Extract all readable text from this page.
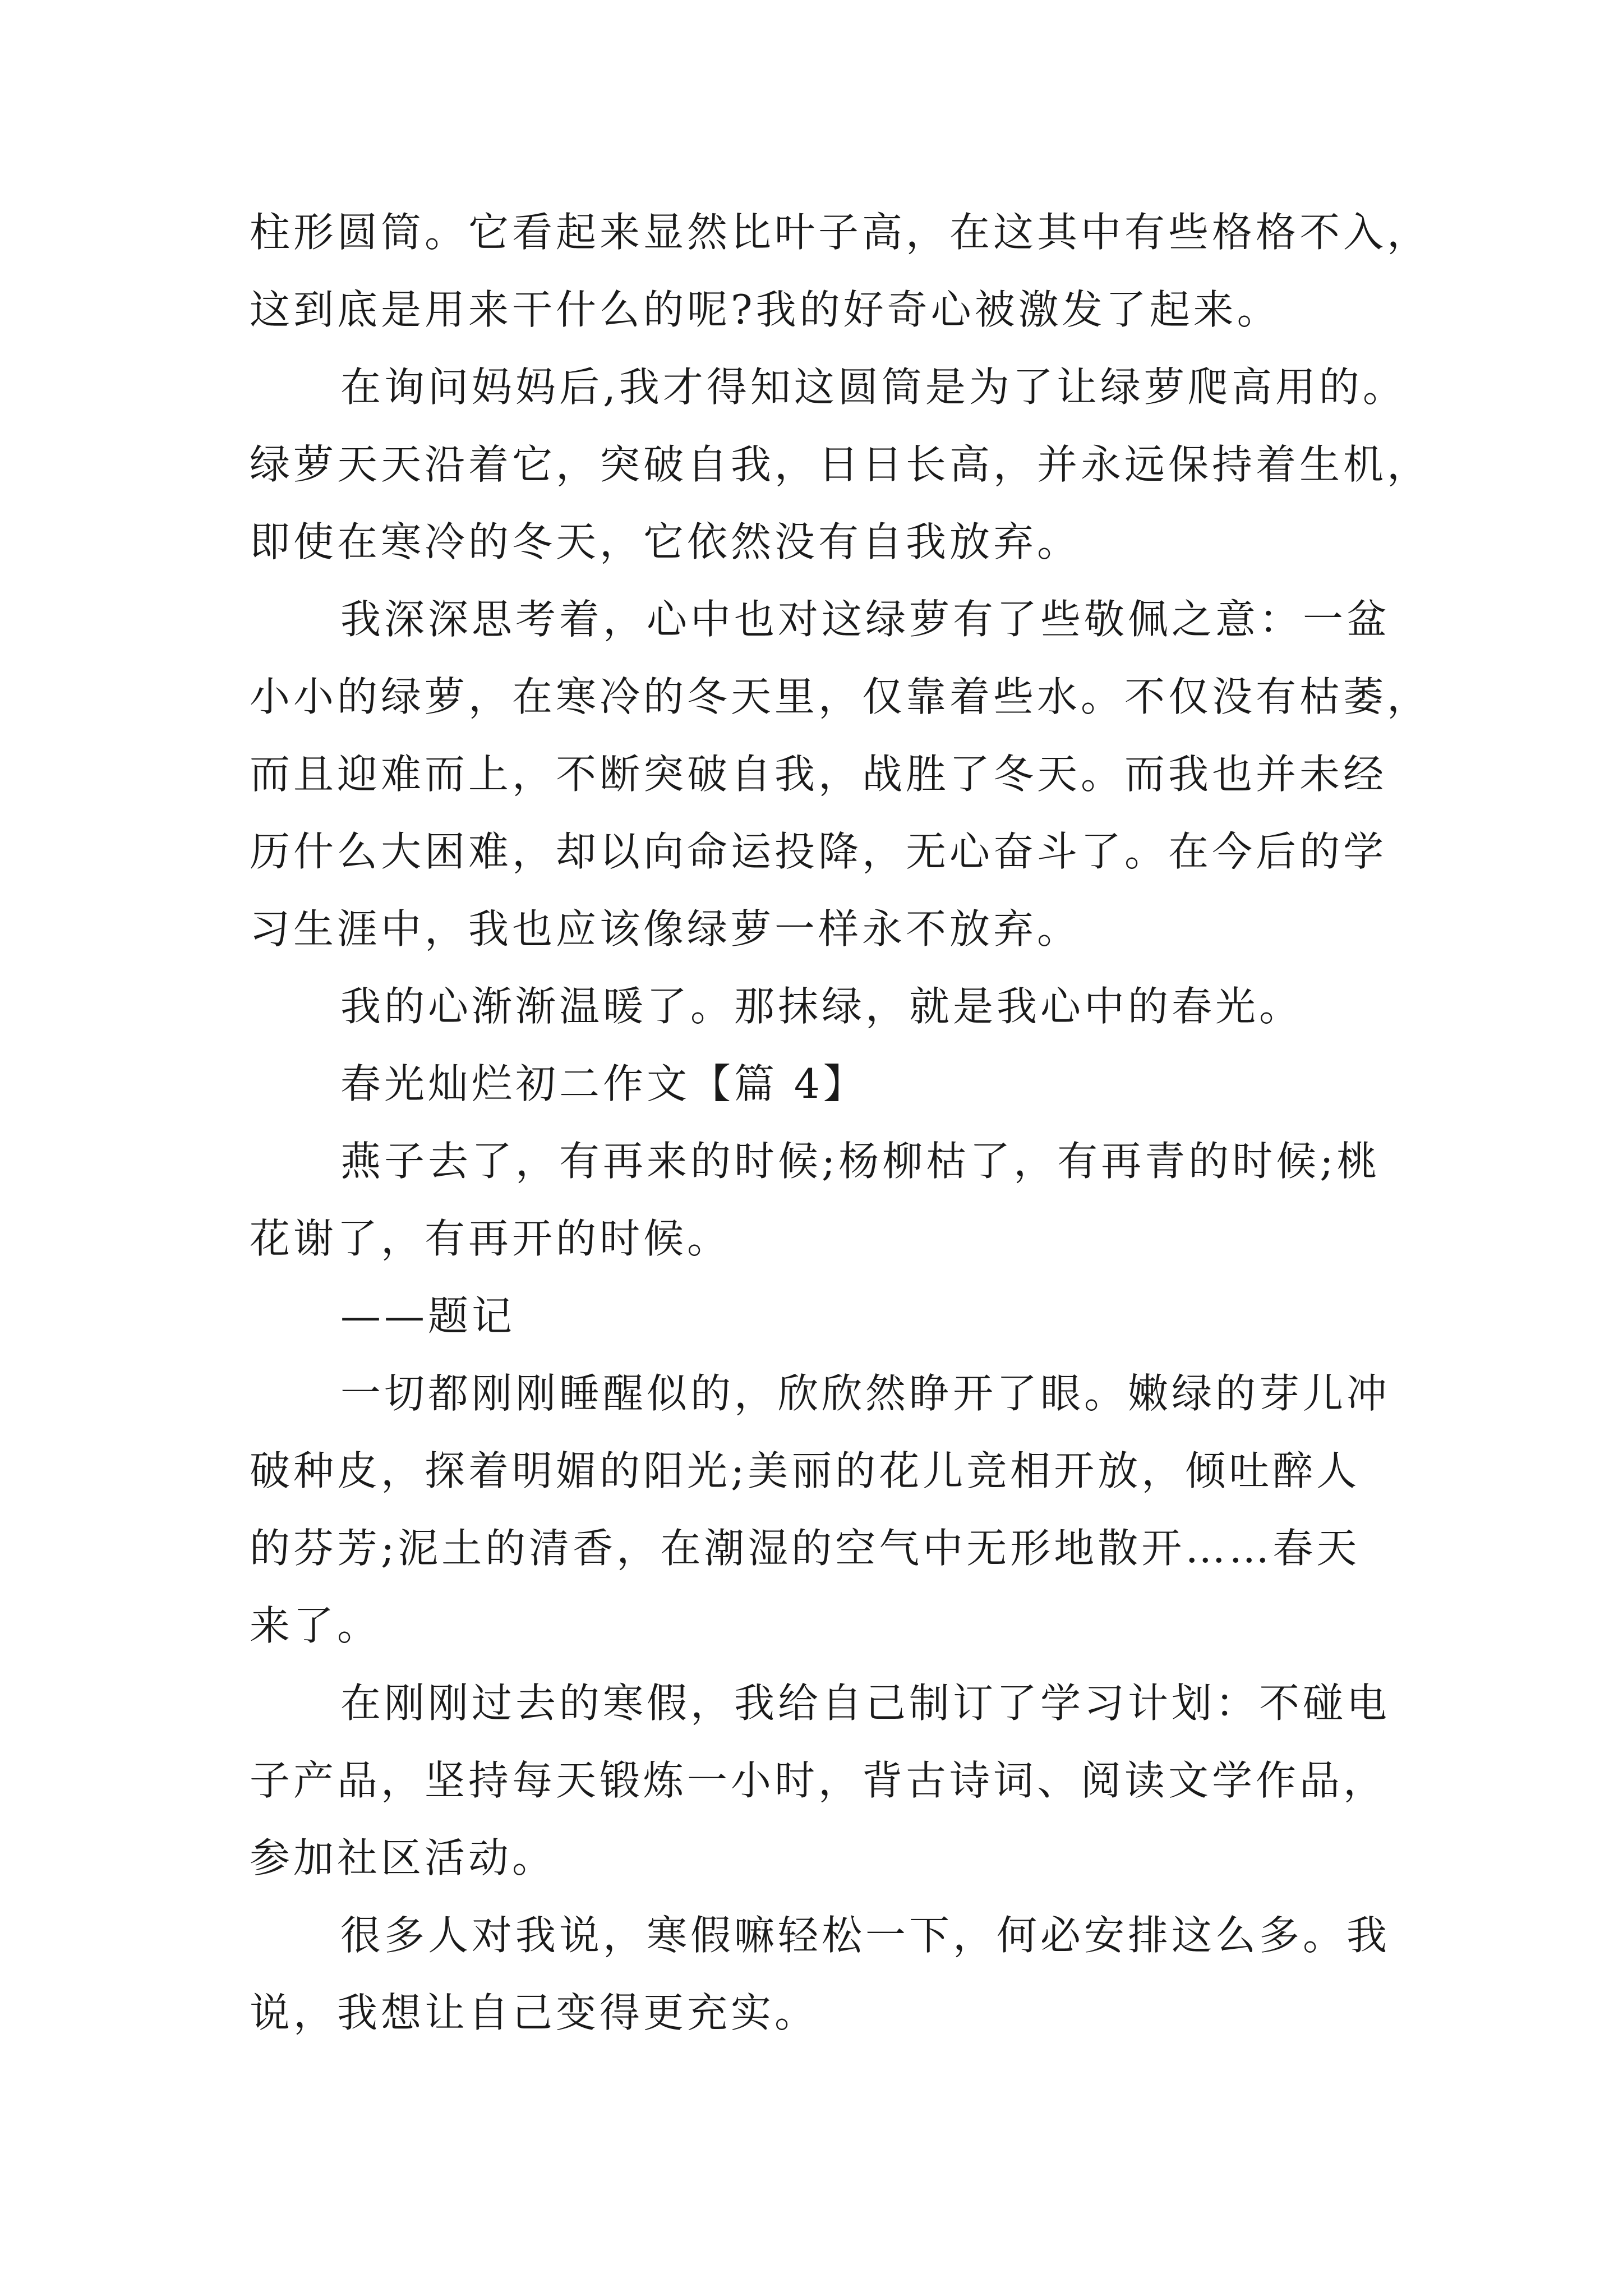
柱形圆筒。它看起来显然比叶子高，在这其中有些格格不入，
这到底是用来干什么的呢?我的好奇心被激发了起来。

在询问妈妈后,我才得知这圆筒是为了让绿萝爬高用的。
绿萝天天沿着它，突破自我，日日长高，并永远保持着生机，
即使在寒冷的冬天，它依然没有自我放弃。

我深深思考着，心中也对这绿萝有了些敬佩之意：一盆
小小的绿萝，在寒冷的冬天里，仅靠着些水。不仅没有枯萎，
而且迎难而上，不断突破自我，战胜了冬天。而我也并未经
历什么大困难，却以向命运投降，无心奋斗了。在今后的学
习生涯中，我也应该像绿萝一样永不放弃。

我的心渐渐温暖了。那抹绿，就是我心中的春光。

春光灿烂初二作文【篇 4】

燕子去了，有再来的时候;杨柳枯了，有再青的时候;桃
花谢了，有再开的时候。

——题记

一切都刚刚睡醒似的，欣欣然睁开了眼。嫩绿的芽儿冲
破种皮，探着明媚的阳光;美丽的花儿竞相开放，倾吐醉人
的芬芳;泥土的清香，在潮湿的空气中无形地散开……春天
来了。

在刚刚过去的寒假，我给自己制订了学习计划：不碰电
子产品，坚持每天锻炼一小时，背古诗词、阅读文学作品，
参加社区活动。

很多人对我说，寒假嘛轻松一下，何必安排这么多。我
说，我想让自己变得更充实。
